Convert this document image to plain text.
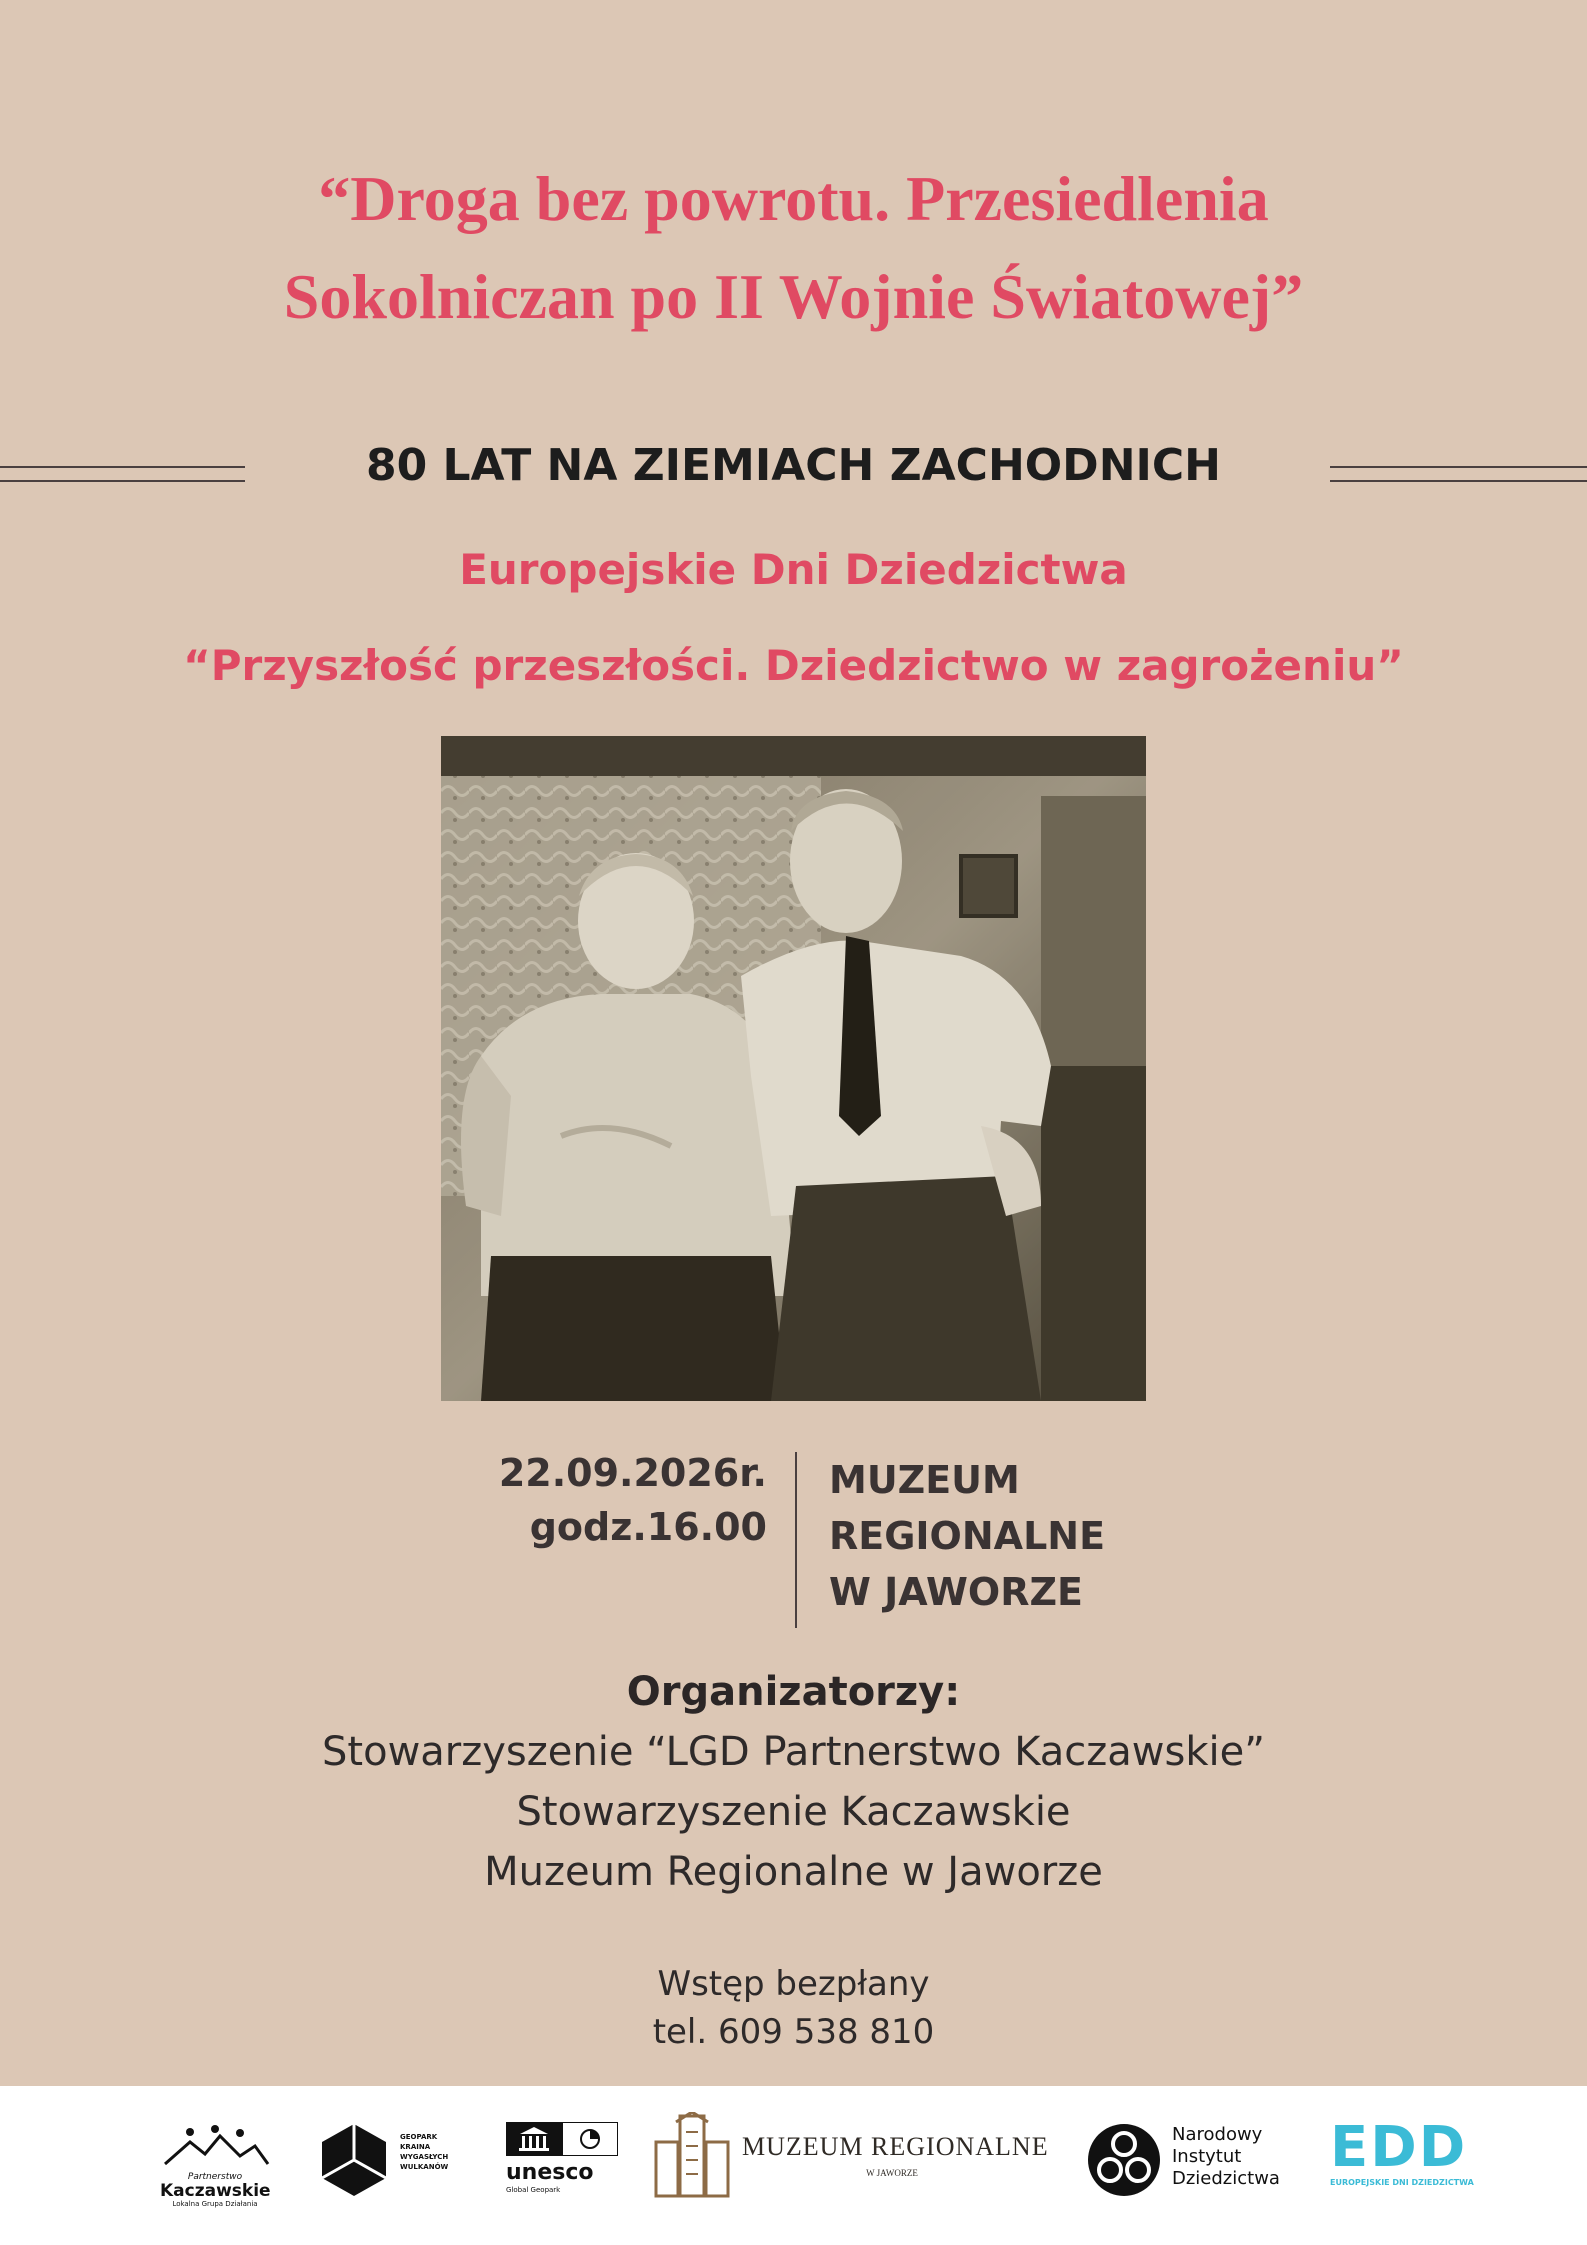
“Droga bez powrotu. Przesiedlenia
Sokolniczan po II Wojnie Światowej”
80 LAT NA ZIEMIACH ZACHODNICH
Europejskie Dni Dziedzictwa
“Przyszłość przeszłości. Dziedzictwo w zagrożeniu”
22.09.2026r.
godz.16.00
MUZEUM
REGIONALNE
W JAWORZE
Organizatorzy:
Stowarzyszenie “LGD Partnerstwo Kaczawskie”
Stowarzyszenie Kaczawskie
Muzeum Regionalne w Jaworze
Wstęp bezpłany
tel. 609 538 810
Partnerstwo
Kaczawskie
Lokalna Grupa Działania
GEOPARK
KRAINA
WYGASŁYCH
WULKANÓW	unesco
Global Geopark
MUZEUM REGIONALNE
W JAWORZE
Narodowy
Instytut
Dziedzictwa EDD
EUROPEJSKIE DNI DZIEDZICTWA
